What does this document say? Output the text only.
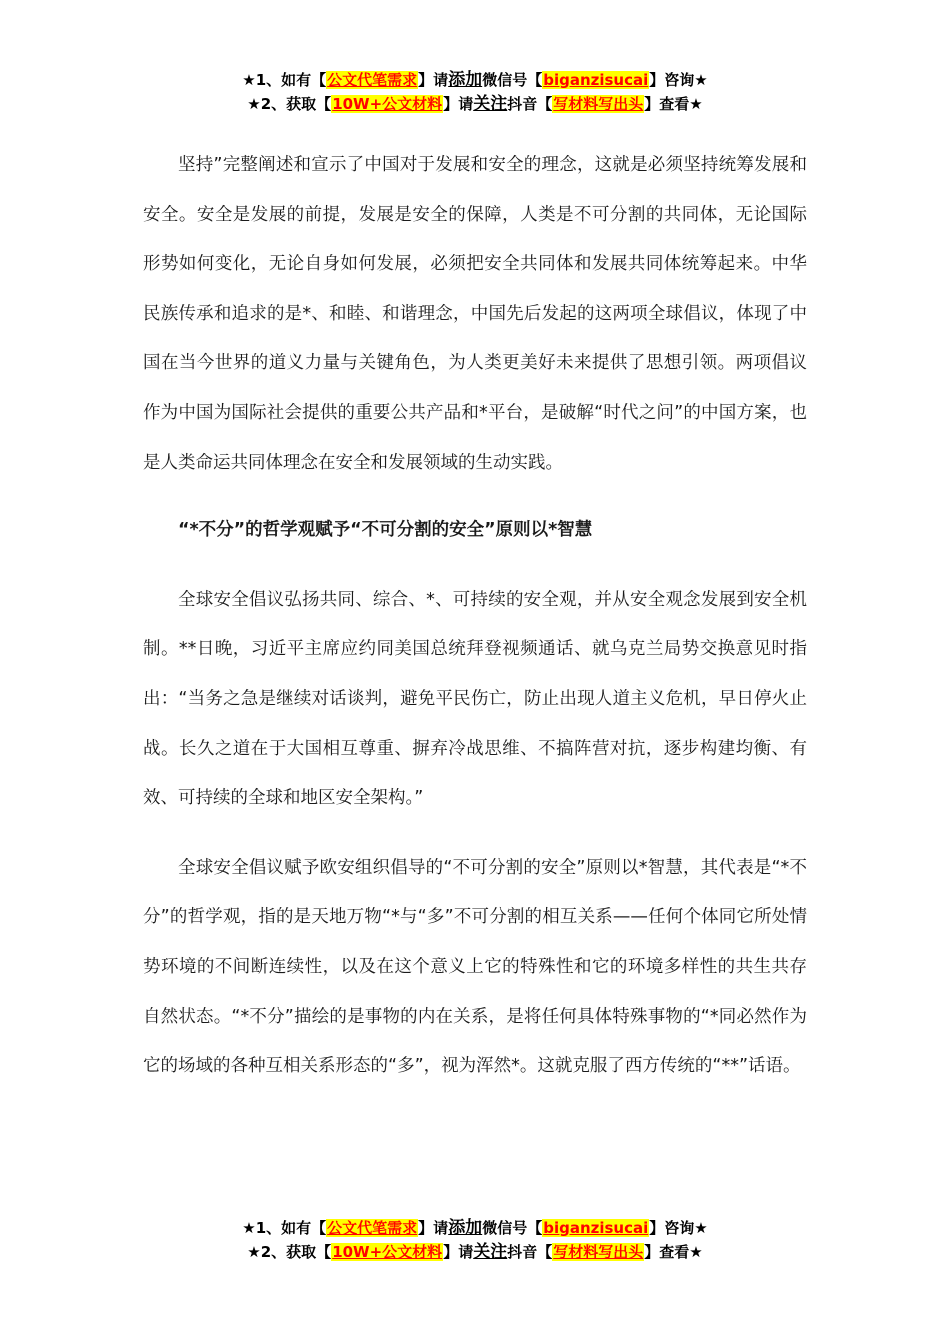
★1、如有【公文代笔需求】请添加微信号【biganzisucai】咨询★
★2、获取【10W+公文材料】请关注抖音【写材料写出头】查看★

坚持”完整阐述和宣示了中国对于发展和安全的理念，这就是必须坚持统筹发展和安全。安全是发展的前提，发展是安全的保障，人类是不可分割的共同体，无论国际形势如何变化，无论自身如何发展，必须把安全共同体和发展共同体统筹起来。中华民族传承和追求的是*、和睦、和谐理念，中国先后发起的这两项全球倡议，体现了中国在当今世界的道义力量与关键角色，为人类更美好未来提供了思想引领。两项倡议作为中国为国际社会提供的重要公共产品和*平台，是破解“时代之问”的中国方案，也是人类命运共同体理念在安全和发展领域的生动实践。

“*不分”的哲学观赋予“不可分割的安全”原则以*智慧

全球安全倡议弘扬共同、综合、*、可持续的安全观，并从安全观念发展到安全机制。**日晚，习近平主席应约同美国总统拜登视频通话、就乌克兰局势交换意见时指出：“当务之急是继续对话谈判，避免平民伤亡，防止出现人道主义危机，早日停火止战。长久之道在于大国相互尊重、摒弃冷战思维、不搞阵营对抗，逐步构建均衡、有效、可持续的全球和地区安全架构。”

全球安全倡议赋予欧安组织倡导的“不可分割的安全”原则以*智慧，其代表是“*不分”的哲学观，指的是天地万物“*与“多”不可分割的相互关系——任何个体同它所处情势环境的不间断连续性，以及在这个意义上它的特殊性和它的环境多样性的共生共存自然状态。“*不分”描绘的是事物的内在关系，是将任何具体特殊事物的“*同必然作为它的场域的各种互相关系形态的“多”，视为浑然*。这就克服了西方传统的“**”话语。

★1、如有【公文代笔需求】请添加微信号【biganzisucai】咨询★
★2、获取【10W+公文材料】请关注抖音【写材料写出头】查看★
